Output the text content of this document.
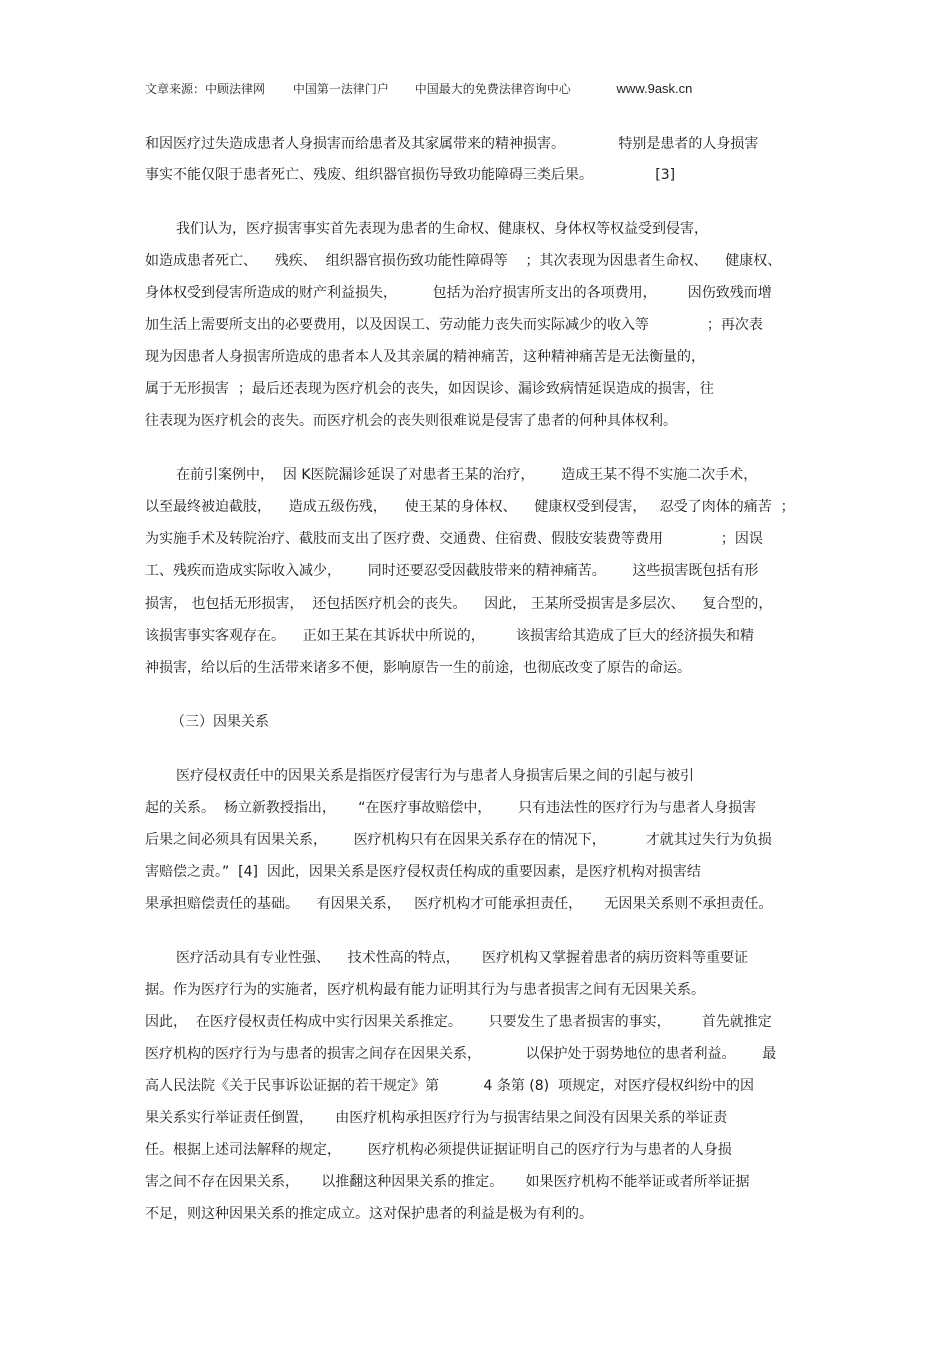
文章来源：中顾法律网 中国第一法律门户 中国最大的免费法律咨询中心	www.9ask.cn
和因医疗过失造成患者人身损害而给患者及其家属带来的精神损害。            特别是患者的人身损害
事实不能仅限于患者死亡、残废、组织器官损伤导致功能障碍三类后果。              [3]
我们认为，医疗损害事实首先表现为患者的生命权、健康权、身体权等权益受到侵害，
如造成患者死亡、    残疾、  组织器官损伤致功能性障碍等    ；其次表现为因患者生命权、    健康权、
身体权受到侵害所造成的财产利益损失，        包括为治疗损害所支出的各项费用，       因伤致残而增
加生活上需要所支出的必要费用，以及因误工、劳动能力丧失而实际减少的收入等             ；再次表
现为因患者人身损害所造成的患者本人及其亲属的精神痛苦，这种精神痛苦是无法衡量的，
属于无形损害  ；最后还表现为医疗机会的丧失，如因误诊、漏诊致病情延误造成的损害，往
往表现为医疗机会的丧失。而医疗机会的丧失则很难说是侵害了患者的何种具体权利。
在前引案例中，  因 K医院漏诊延误了对患者王某的治疗，      造成王某不得不实施二次手术，
以至最终被迫截肢，    造成五级伤残，    使王某的身体权、    健康权受到侵害，   忍受了肉体的痛苦  ；
为实施手术及转院治疗、截肢而支出了医疗费、交通费、住宿费、假肢安装费等费用             ；因误
工、残疾而造成实际收入减少，      同时还要忍受因截肢带来的精神痛苦。      这些损害既包括有形
损害， 也包括无形损害，  还包括医疗机会的丧失。    因此， 王某所受损害是多层次、    复合型的，
该损害事实客观存在。    正如王某在其诉状中所说的，       该损害给其造成了巨大的经济损失和精
神损害，给以后的生活带来诸多不便，影响原告一生的前途，也彻底改变了原告的命运。
（三）因果关系
医疗侵权责任中的因果关系是指医疗侵害行为与患者人身损害后果之间的引起与被引
起的关系。  杨立新教授指出，     “在医疗事故赔偿中，      只有违法性的医疗行为与患者人身损害
后果之间必须具有因果关系，      医疗机构只有在因果关系存在的情况下，         才就其过失行为负损
害赔偿之责。”  [4]  因此，因果关系是医疗侵权责任构成的重要因素，是医疗机构对损害结
果承担赔偿责任的基础。    有因果关系，   医疗机构才可能承担责任，     无因果关系则不承担责任。
医疗活动具有专业性强、    技术性高的特点，     医疗机构又掌握着患者的病历资料等重要证
据。作为医疗行为的实施者，医疗机构最有能力证明其行为与患者损害之间有无因果关系。
因此，  在医疗侵权责任构成中实行因果关系推定。      只要发生了患者损害的事实，       首先就推定
医疗机构的医疗行为与患者的损害之间存在因果关系，          以保护处于弱势地位的患者利益。      最
高人民法院《关于民事诉讼证据的若干规定》第          4 条第 (8)  项规定，对医疗侵权纠纷中的因
果关系实行举证责任倒置，     由医疗机构承担医疗行为与损害结果之间没有因果关系的举证责
任。根据上述司法解释的规定，      医疗机构必须提供证据证明自己的医疗行为与患者的人身损
害之间不存在因果关系，     以推翻这种因果关系的推定。     如果医疗机构不能举证或者所举证据
不足，则这种因果关系的推定成立。这对保护患者的利益是极为有利的。
